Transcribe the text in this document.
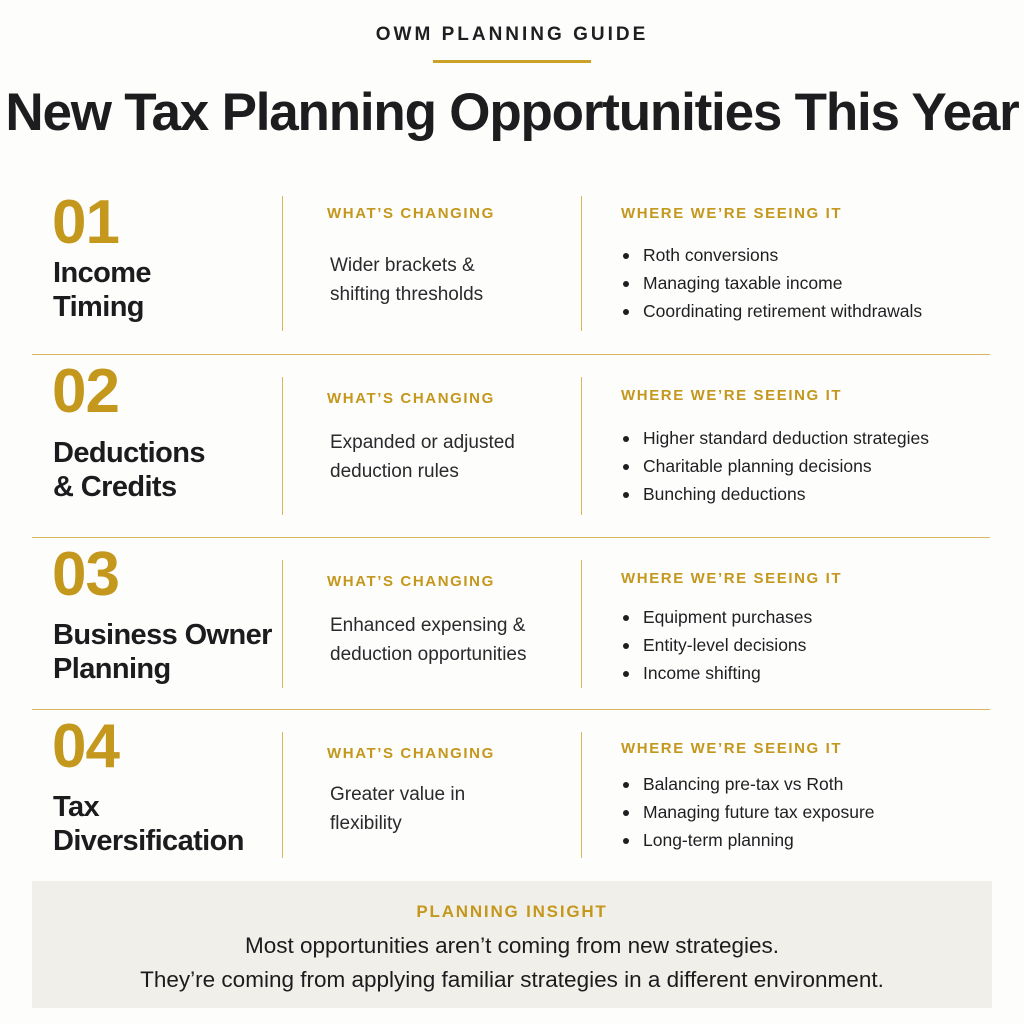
OWM PLANNING GUIDE
New Tax Planning Opportunities This Year
01
Income
Timing
WHAT’S CHANGING
Wider brackets &
shifting thresholds
WHERE WE’RE SEEING IT
Roth conversions
Managing taxable income
Coordinating retirement withdrawals
02
Deductions
& Credits
WHAT’S CHANGING
Expanded or adjusted
deduction rules
WHERE WE’RE SEEING IT
Higher standard deduction strategies
Charitable planning decisions
Bunching deductions
03
Business Owner
Planning
WHAT’S CHANGING
Enhanced expensing &
deduction opportunities
WHERE WE’RE SEEING IT
Equipment purchases
Entity-level decisions
Income shifting
04
Tax
Diversification
WHAT’S CHANGING
Greater value in
flexibility
WHERE WE’RE SEEING IT
Balancing pre-tax vs Roth
Managing future tax exposure
Long-term planning
PLANNING INSIGHT
Most opportunities aren’t coming from new strategies.
They’re coming from applying familiar strategies in a different environment.
